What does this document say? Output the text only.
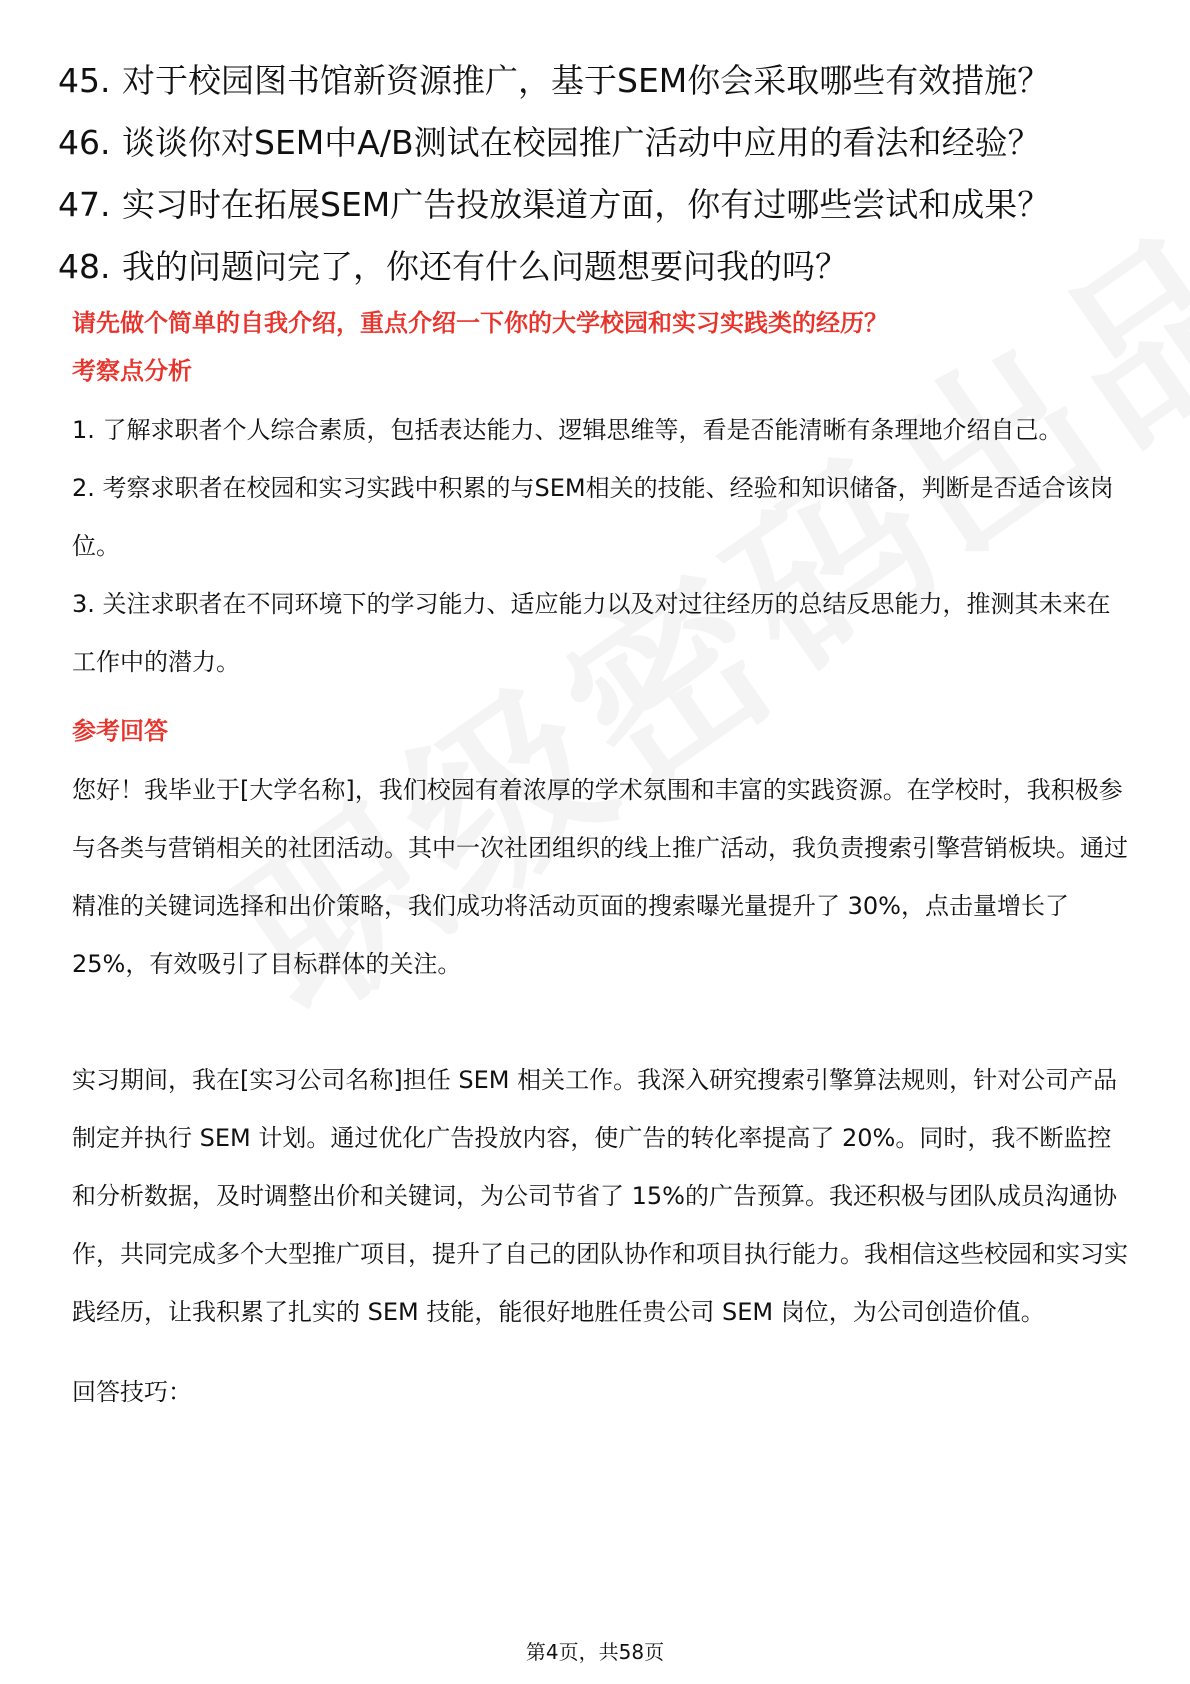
45. 对于校园图书馆新资源推广，基于SEM你会采取哪些有效措施？
46. 谈谈你对SEM中A/B测试在校园推广活动中应用的看法和经验？
47. 实习时在拓展SEM广告投放渠道方面，你有过哪些尝试和成果？
48. 我的问题问完了，你还有什么问题想要问我的吗？
请先做个简单的自我介绍，重点介绍一下你的大学校园和实习实践类的经历？
考察点分析

1. 了解求职者个人综合素质，包括表达能力、逻辑思维等，看是否能清晰有条理地介绍自己。

2. 考察求职者在校园和实习实践中积累的与SEM相关的技能、经验和知识储备，判断是否适合该岗位。

3. 关注求职者在不同环境下的学习能力、适应能力以及对过往经历的总结反思能力，推测其未来在工作中的潜力。

参考回答

您好！我毕业于[大学名称]，我们校园有着浓厚的学术氛围和丰富的实践资源。在学校时，我积极参与各类与营销相关的社团活动。其中一次社团组织的线上推广活动，我负责搜索引擎营销板块。通过精准的关键词选择和出价策略，我们成功将活动页面的搜索曝光量提升了 30%，点击量增长了 25%，有效吸引了目标群体的关注。

实习期间，我在[实习公司名称]担任 SEM 相关工作。我深入研究搜索引擎算法规则，针对公司产品制定并执行 SEM 计划。通过优化广告投放内容，使广告的转化率提高了 20%。同时，我不断监控和分析数据，及时调整出价和关键词，为公司节省了 15%的广告预算。我还积极与团队成员沟通协作，共同完成多个大型推广项目，提升了自己的团队协作和项目执行能力。我相信这些校园和实习实践经历，让我积累了扎实的 SEM 技能，能很好地胜任贵公司 SEM 岗位，为公司创造价值。

回答技巧：
第4页，共58页
